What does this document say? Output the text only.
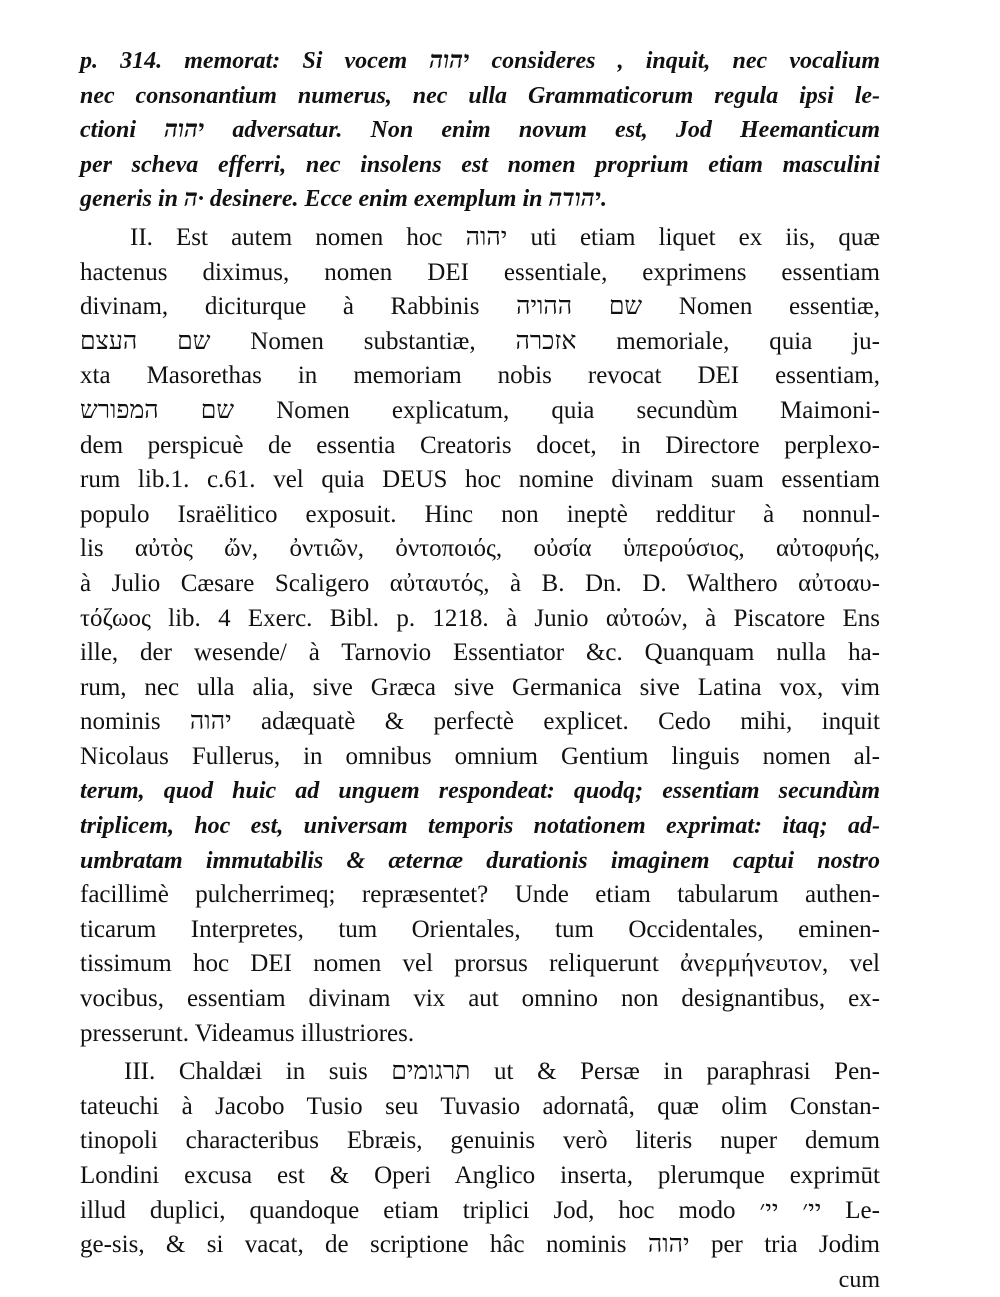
p. 314. memorat: Si vocem יהוה consideres , inquit, nec vocalium
nec consonantium numerus, nec ulla Grammaticorum regula ipsi le-
ctioni יהוה adversatur. Non enim novum est, Jod Heemanticum
per scheva efferri, nec insolens est nomen proprium etiam masculini
generis in ה· desinere. Ecce enim exemplum in יהודה.
II. Est autem nomen hoc יהוה uti etiam liquet ex iis, quæ
hactenus diximus, nomen DEI essentiale, exprimens essentiam
divinam, diciturque à Rabbinis שם ההויה Nomen essentiæ,
שם העצם Nomen substantiæ, אזכרה memoriale, quia ju-
xta Masorethas in memoriam nobis revocat DEI essentiam,
שם המפורש Nomen explicatum, quia secundùm Maimoni-
dem perspicuè de essentia Creatoris docet, in Directore perplexo-
rum lib.1. c.61. vel quia DEUS hoc nomine divinam suam essentiam
populo Israëlitico exposuit. Hinc non ineptè redditur à nonnul-
lis αὐτὸς ὤν, ὀντιῶν, ὀντοποιός, οὐσία ὑπερούσιος, αὐτοφυής,
à Julio Cæsare Scaligero αὐταυτός, à B. Dn. D. Walthero αὐτοαυ-
τόζωος lib. 4 Exerc. Bibl. p. 1218. à Junio αὐτοών, à Piscatore Ens
ille, der wesende/ à Tarnovio Essentiator &c. Quanquam nulla ha-
rum, nec ulla alia, sive Græca sive Germanica sive Latina vox, vim
nominis יהוה adæquatè & perfectè explicet. Cedo mihi, inquit
Nicolaus Fullerus, in omnibus omnium Gentium linguis nomen al-
terum, quod huic ad unguem respondeat: quodq; essentiam secundùm
triplicem, hoc est, universam temporis notationem exprimat: itaq; ad-
umbratam immutabilis & æternæ durationis imaginem captui nostro
facillimè pulcherrimeq; repræsentet? Unde etiam tabularum authen-
ticarum Interpretes, tum Orientales, tum Occidentales, eminen-
tissimum hoc DEI nomen vel prorsus reliquerunt ἀνερμήνευτον, vel
vocibus, essentiam divinam vix aut omnino non designantibus, ex-
presserunt. Videamus illustriores.
III. Chaldæi in suis תרגומים ut & Persæ in paraphrasi Pen-
tateuchi à Jacobo Tusio seu Tuvasio adornatâ, quæ olim Constan-
tinopoli characteribus Ebræis, genuinis verò literis nuper demum
Londini excusa est & Operi Anglico inserta, plerumque exprimūt
illud duplici, quandoque etiam triplici Jod, hoc modo יי׳ יי׳ Le-
ge-sis, & si vacat, de scriptione hâc nominis יהוה per tria Jodim
cum
